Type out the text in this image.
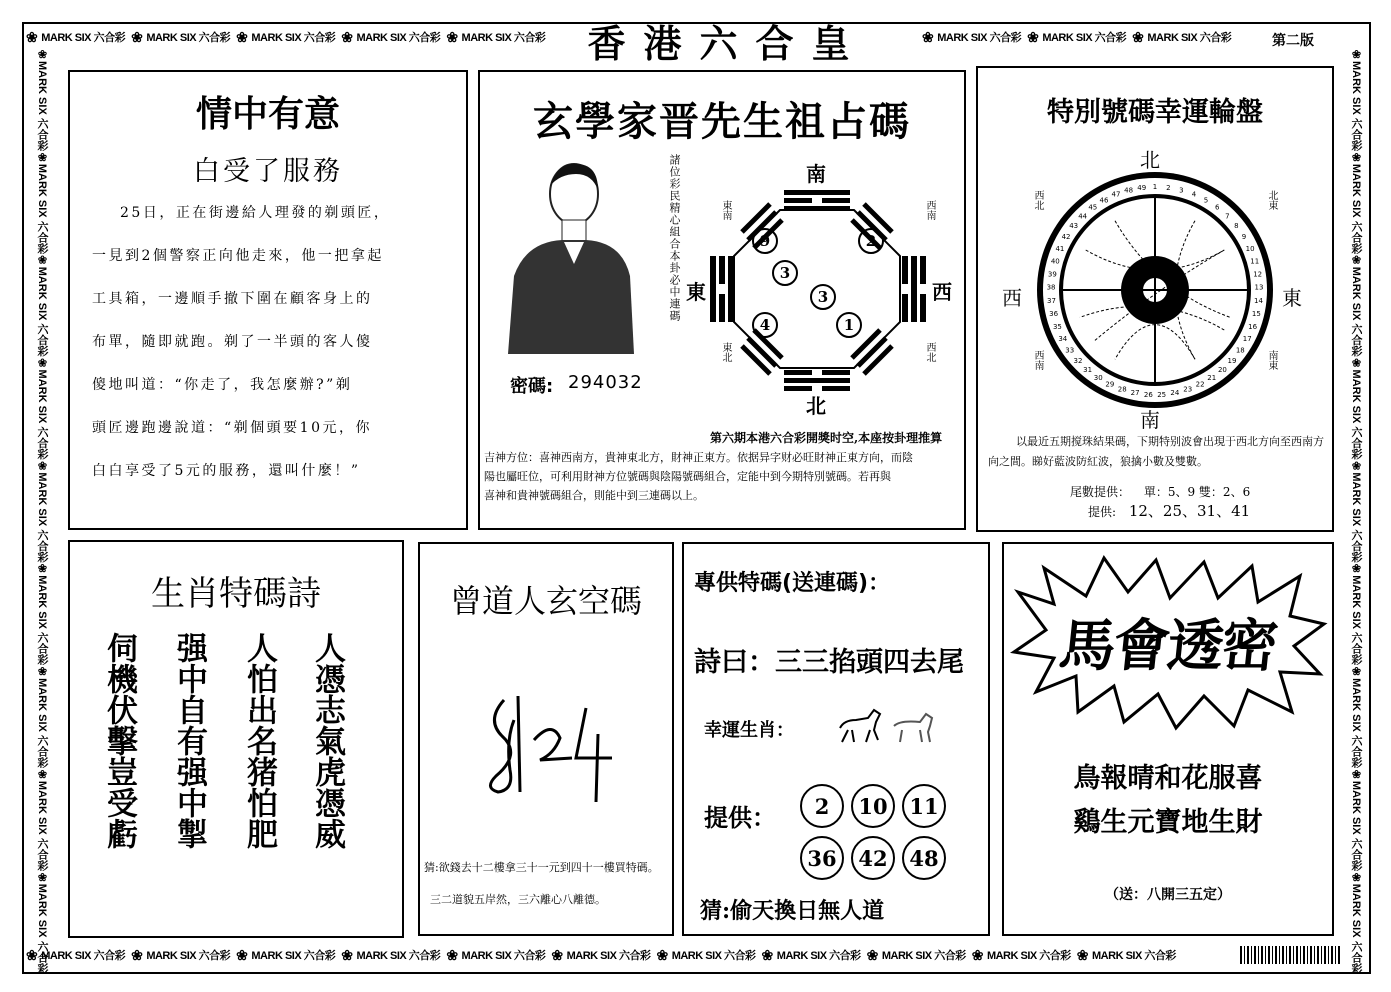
❀ MARK SIX 六合彩 ❀ MARK SIX 六合彩 ❀ MARK SIX 六合彩 ❀ MARK SIX 六合彩 ❀ MARK SIX 六合彩	❀ MARK SIX 六合彩 ❀ MARK SIX 六合彩 ❀ MARK SIX 六合彩	第二版
❀ MARK SIX 六合彩 ❀ MARK SIX 六合彩 ❀ MARK SIX 六合彩 ❀ MARK SIX 六合彩 ❀ MARK SIX 六合彩 ❀ MARK SIX 六合彩 ❀ MARK SIX 六合彩 ❀ MARK SIX 六合彩 ❀ MARK SIX 六合彩 ❀ MARK SIX 六合彩 ❀ MARK SIX 六合彩
❀MARK SIX 六合彩❀MARK SIX 六合彩❀MARK SIX 六合彩❀MARK SIX 六合彩❀MARK SIX 六合彩❀MARK SIX 六合彩❀MARK SIX 六合彩❀MARK SIX 六合彩❀MARK SIX 六合彩
❀MARK SIX 六合彩❀MARK SIX 六合彩❀MARK SIX 六合彩❀MARK SIX 六合彩❀MARK SIX 六合彩❀MARK SIX 六合彩❀MARK SIX 六合彩❀MARK SIX 六合彩❀MARK SIX 六合彩
香港六合皇
情中有意
白受了服務
25日，正在街邊給人理發的剃頭匠，
一見到2個警察正向他走來，他一把拿起
工具箱，一邊順手撤下圍在顧客身上的
布單，隨即就跑。剃了一半頭的客人傻
傻地叫道：“你走了，我怎麼辦?”剃
頭匠邊跑邊說道：“剃個頭要10元，你
白白享受了5元的服務，還叫什麼！”
玄學家晋先生祖占碼
諸位彩民精心組合本卦必中連碼	南
北
東	西
東南	西南
東北	西北
9	2
3
3
1
4
密碼: 294032
第六期本港六合彩開獎时空,本座按卦理推算
吉神方位：喜神西南方，貴神東北方，財神正東方。依据异字财必旺財神正東方向，而陰
陽也屬旺位，可利用財神方位號碼與陰陽號碼組合，定能中到今期特別號碼。若再與
喜神和貴神號碼組合，則能中到三連碼以上。
特別號碼幸運輪盤
1 2 3
4
5
6
7
8
9
10
11
12
13
14
15
16
17
18
19
20
21
22
23
24
25
26
27
28
29
30
31
32
33
34
35
36
37
38
39
40
41
42
43
44
45
46
47
48 49
北
南
西	東
西北	北東
西南	南東
以最近五期搅珠結果碼，下期特别波會出現于西北方向至西南方
向之間。睇好藍波防紅波，狼擒小數及雙數。
尾數提供： 單：5、9 雙：2、6
提供: 12、25、31、41
生肖特碼詩
伺機伏擊豈受虧 强中自有强中掣 人怕出名猪怕肥 人憑志氣虎憑威
曾道人玄空碼
猜:欲錢去十二樓拿三十一元到四十一樓買特碼。
三二道貌五岸然，三六離心八離德。
專供特碼(送連碼)：
詩曰：三三掐頭四去尾
幸運生肖：
提供：	2 10 11
36 42 48
猜:偷天換日無人道
馬會透密
鳥報晴和花服喜
鷄生元寶地生財
（送：八開三五定）
